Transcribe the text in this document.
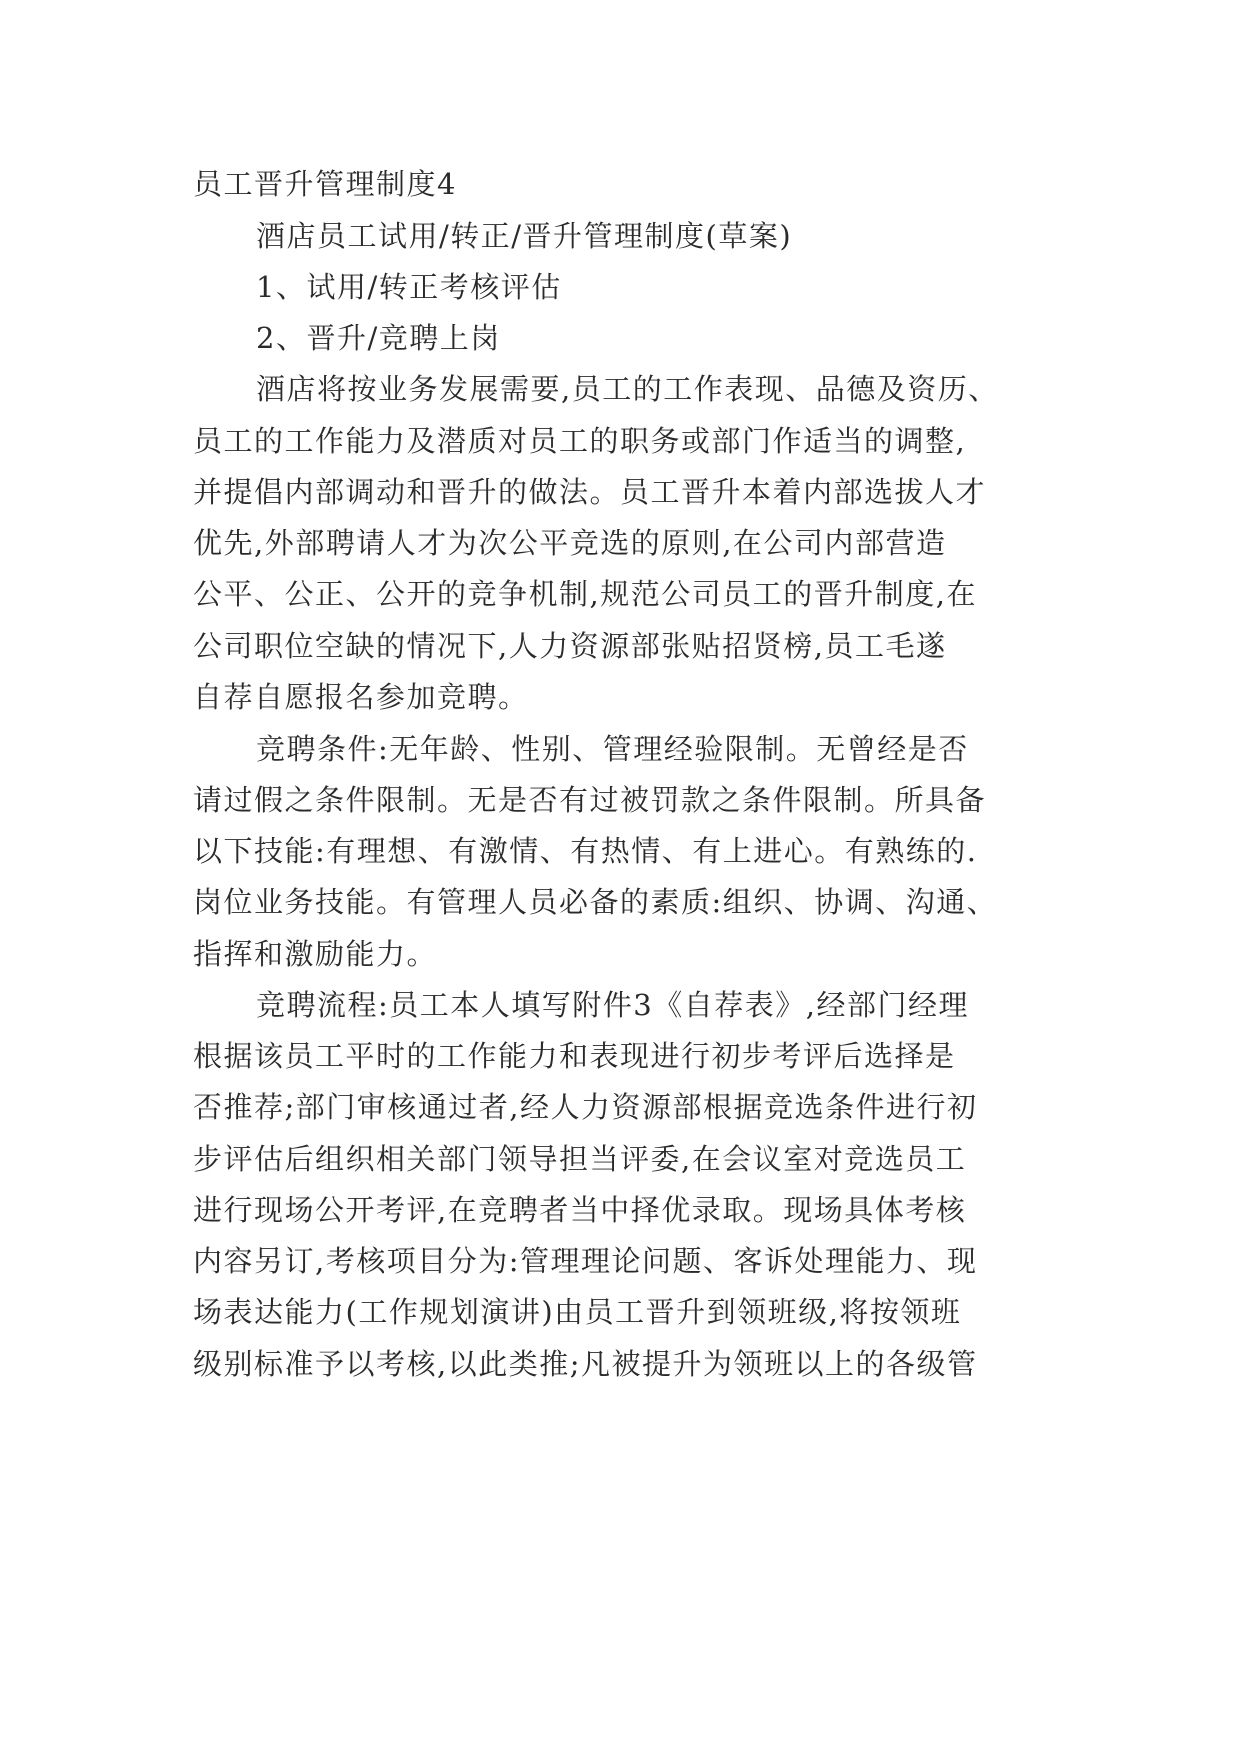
员工晋升管理制度4
酒店员工试用/转正/晋升管理制度(草案)
1、试用/转正考核评估
2、晋升/竞聘上岗
酒店将按业务发展需要,员工的工作表现、品德及资历、
员工的工作能力及潜质对员工的职务或部门作适当的调整,
并提倡内部调动和晋升的做法。员工晋升本着内部选拔人才
优先,外部聘请人才为次公平竞选的原则,在公司内部营造
公平、公正、公开的竞争机制,规范公司员工的晋升制度,在
公司职位空缺的情况下,人力资源部张贴招贤榜,员工毛遂
自荐自愿报名参加竞聘。
竞聘条件:无年龄、性别、管理经验限制。无曾经是否
请过假之条件限制。无是否有过被罚款之条件限制。所具备
以下技能:有理想、有激情、有热情、有上进心。有熟练的.
岗位业务技能。有管理人员必备的素质:组织、协调、沟通、
指挥和激励能力。
竞聘流程:员工本人填写附件3《自荐表》,经部门经理
根据该员工平时的工作能力和表现进行初步考评后选择是
否推荐;部门审核通过者,经人力资源部根据竞选条件进行初
步评估后组织相关部门领导担当评委,在会议室对竞选员工
进行现场公开考评,在竞聘者当中择优录取。现场具体考核
内容另订,考核项目分为:管理理论问题、客诉处理能力、现
场表达能力(工作规划演讲)由员工晋升到领班级,将按领班
级别标准予以考核,以此类推;凡被提升为领班以上的各级管
